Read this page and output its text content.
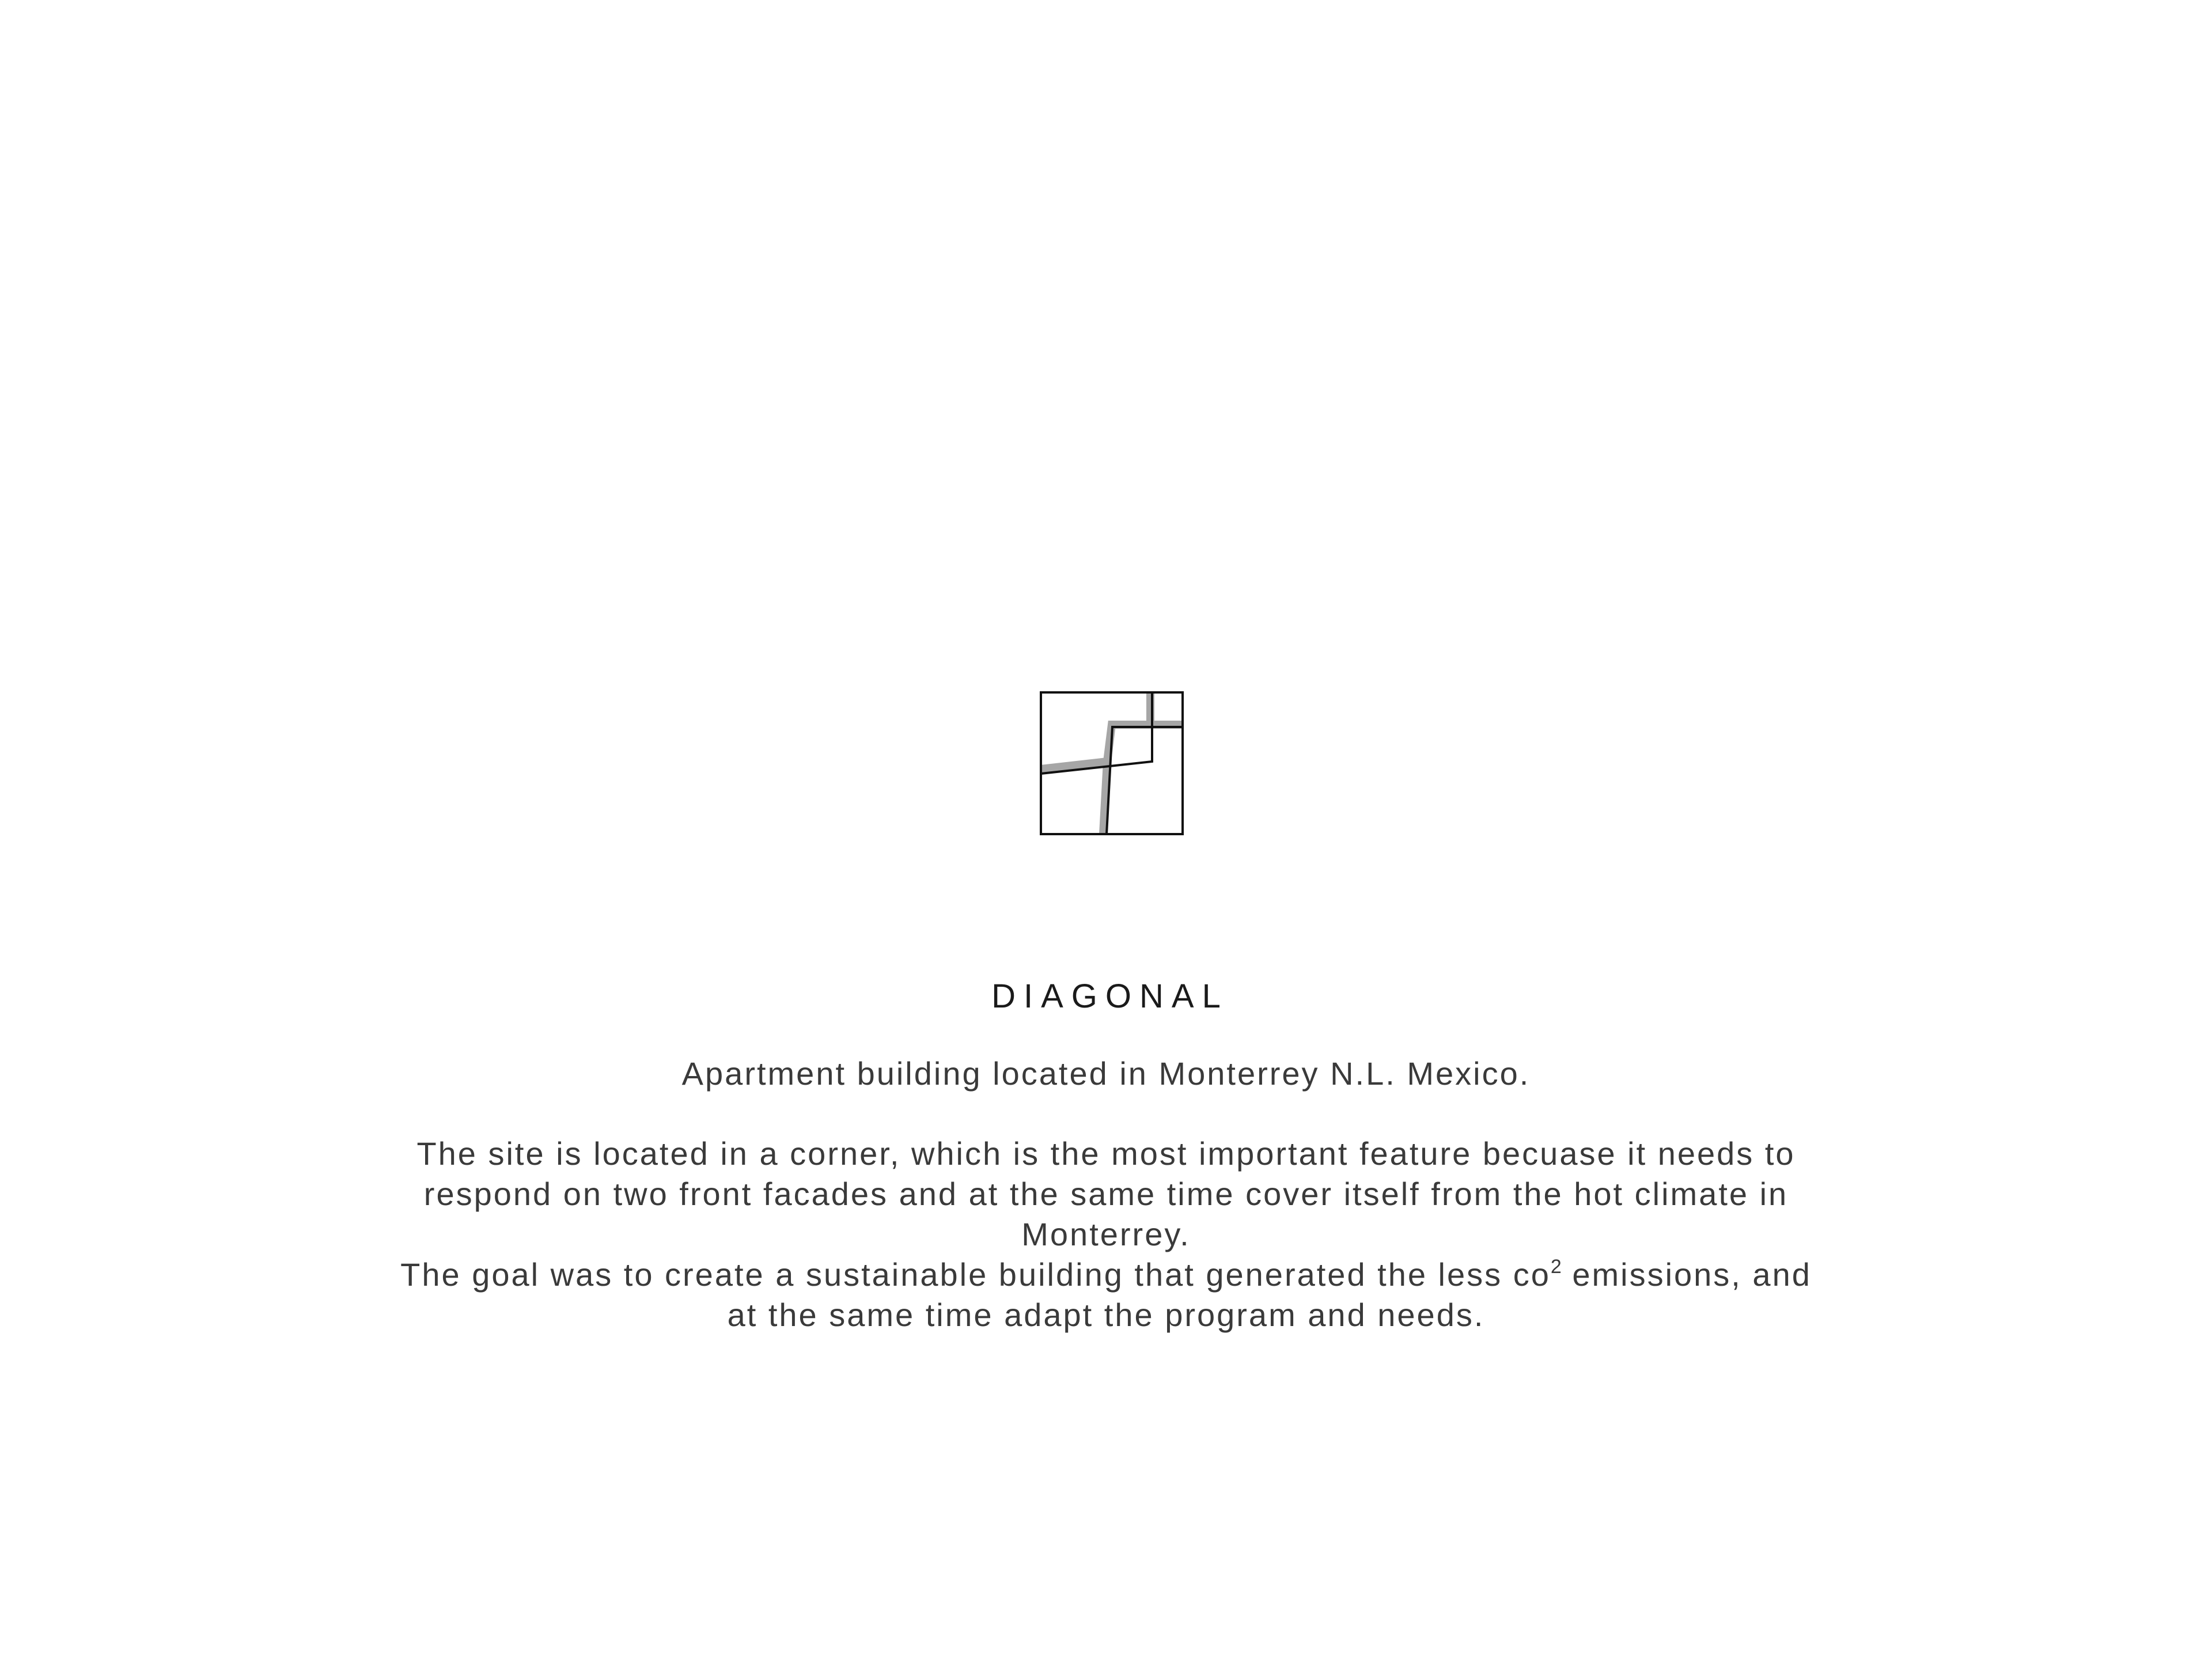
DIAGONAL
Apartment building located in Monterrey N.L. Mexico.

The site is located in a corner, which is the most important feature becuase it needs to respond on two front facades and at the same time cover itself from the hot climate in Monterrey.

The goal was to create a sustainable building that generated the less $co^2$ emissions, and at the same time adapt the program and needs.
